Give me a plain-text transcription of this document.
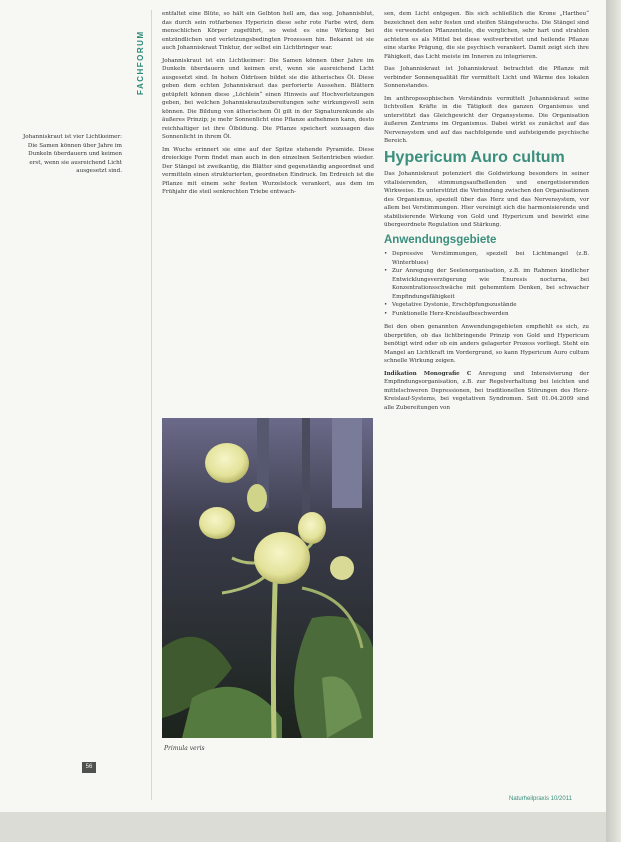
FACHFORUM

Johanniskraut ist vier Lichtkeimer: Die Samen können über Jahre im Dunkeln überdauern und keimen erst, wenn sie ausreichend Licht ausgesetzt sind.

entfaltet eine Blüte, so hält ein Gelbton hell am, das sog. Johannisblut, das durch sein rotfarbenes Hypericin diese sehr rote Farbe wird, dem menschlichen Körper zugeführt, so weist es eine Wirkung bei entzündlichen und verletzungsbedingten Prozessen hin. Bekannt ist sie auch Johanniskraut Tinktur, der selbst ein Lichtbringer war.

Johanniskraut ist ein Lichtkeimer: Die Samen können über Jahre im Dunkeln überdauern und keimen erst, wenn sie ausreichend Licht ausgesetzt sind. In hohen Öldrüsen bildet sie die ätherisches Öl. Diese geben dem echten Johanniskraut das perforierte Aussehen. Blättern getüpfelt können diese „Löchlein“ einen Hinweis auf Hochverletzungen geben, bei welchen Johanniskrautzubereitungen sehr wirkungsvoll sein können. Die Bildung von ätherischem Öl gilt in der Signaturenkunde als äußeres Prinzip; je mehr Sonnenlicht eine Pflanze aufnehmen kann, desto reichhaltiger ist ihre Ölbildung. Die Pflanze speichert sozusagen das Sonnenlicht in ihrem Öl.

Im Wuchs erinnert sie eine auf der Spitze stehende Pyramide. Diese dreieckige Form findet man auch in den einzelnen Seitentrieben wieder. Der Stängel ist zweikantig, die Blätter sind gegenständig angeordnet und vermitteln einen strukturierten, geordneten Eindruck. Im Erdreich ist die Pflanze mit einem sehr festen Wurzelstock verankert, aus dem im Frühjahr die steil senkrechten Triebe entwach-

Primula veris

sen, dem Licht entgegen. Bis sich schließlich die Krone „Hartheu“ bezeichnet den sehr festen und steifen Stängelwuchs. Die Stängel sind die verwendeten Pflanzenteile, die verglichen, sehr hart und strahlen achteten es als Mittel bei diese weitverbreitet und heilende Pflanze eine starke Prägung, die sie psychisch verankert. Damit zeigt sich ihre Fähigkeit, das Licht meiste im Inneren zu integrieren.

Das Johanniskraut ist Johanniskraut betrachtet die Pflanze mit verbinder Sonnenqualität für vermittelt Licht und Wärme des lokalen Sonnenstandes.

Im anthroposophischen Verständnis vermittelt Johanniskraut seine lichtvollen Kräfte in die Tätigkeit des ganzen Organismus und unterstützt das Gleichgewicht der Organsysteme. Die Organisation äußeren Zentrums im Organismus. Dabei wirkt es zunächst auf das Nervensystem und auf das nachfolgende und aufsteigende psychische Bereich.

Hypericum Auro cultum

Das Johanniskraut potenziert die Goldwirkung besonders in seiner vitalisierenden, stimmungsaufhellenden und energetisierenden Wirkweise. Es unterstützt die Verbindung zwischen den Organisationen des Organismus, speziell über das Herz und das Nervensystem, vor allem bei Verstimmungen. Hier vereinigt sich die harmonisierende und stabilisierende Wirkung von Gold und Hypericum und bewirkt eine übergeordnete Regulation und Stärkung.

Anwendungsgebiete
• Depressive Verstimmungen, speziell bei Lichtmangel (z.B. Winterblues)
• Zur Anregung der Seelenorganisation, z.B. im Rahmen kindlicher Entwicklungsverzögerung wie Enuresis nocturna, bei Konzentrationsschwäche mit gehemmtem Denken, bei schwacher Empfindungsfähigkeit
• Vegetative Dystonie, Erschöpfungszustände
• Funktionelle Herz-Kreislaufbeschwerden

Bei den oben genannten Anwendungsgebieten empfiehlt es sich, zu überprüfen, ob das lichtbringende Prinzip von Gold und Hypericum benötigt wird oder ob ein anders gelagerter Prozess vorliegt. Steht ein Mangel an Lichtkraft im Vordergrund, so kann Hypericum Auro cultum schnelle Wirkung zeigen.

Indikation Monografie C Anregung und Intensivierung der Empfindungsorganisation, z.B. zur Regelverhaltung bei leichten und mittelschweren Depressionen, bei traditionellen Störungen des Herz-Kreislauf-Systems, bei vegetativen Syndromen. Seit 01.04.2009 sind alle Zubereitungen von

56
Naturheilpraxis 10/2011
